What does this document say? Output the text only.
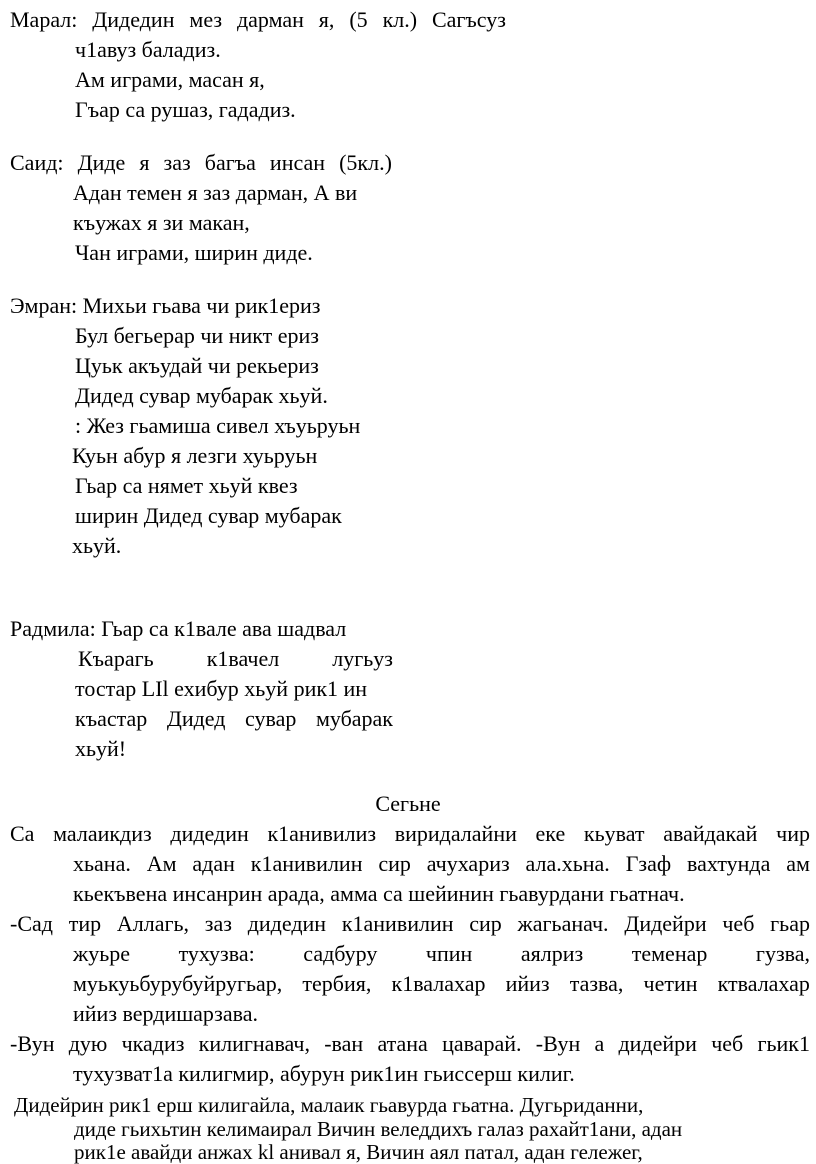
Марал: Дидедин мез дарман я, (5 кл.) Сагъсуз
ч1авуз баладиз.
Ам играми, масан я,
Гъар са рушаз, гададиз.
Саид: Диде я заз багъа инсан (5кл.)
Адан темен я заз дарман, А ви
къужах я зи макан,
Чан играми, ширин диде.
Эмран: Михьи гьава чи рик1ериз
Бул бегьерар чи никт ериз
Цуьк акъудай чи рекьериз
Дидед сувар мубарак хьуй.
: Жез гьамиша сивел хъуьруьн
Куьн абур я лезги хуьруьн
Гьар са нямет хьуй квез
ширин Дидед сувар мубарак
хьуй.
Радмила: Гьар са к1вале ава шадвал
Къарагь к1вачел лугьуз
тостар LIl ехибур хьуй рик1 ин
къастар Дидед сувар мубарак
хьуй!
Сегьне
Са малаикдиз дидедин к1анивилиз виридалайни еке кьуват авайдакай чир
хьана. Ам адан к1анивилин сир ачухариз ала.хьна. Гзаф вахтунда ам
кьекъвена инсанрин арада, амма са шейинин гьавурдани гьатнач.
-Сад тир Аллагь, заз дидедин к1анивилин сир жагьанач. Дидейри чеб гьар
жуьре тухузва: садбуру чпин аялриз теменар гузва,
муькуьбурубуйругьар, тербия, к1валахар ийиз тазва, четин ктвалахар
ийиз вердишарзава.
-Вун дую чкадиз килигнавач, -ван атана цаварай. -Вун а дидейри чеб гьик1
тухузват1а килигмир, абурун рик1ин гьиссерш килиг.
Дидейрин рик1 ерш килигайла, малаик гьавурда гьатна. Дугьриданни,
диде гьихьтин келимаирал Вичин веледдихъ галаз рахайт1ани, адан
рик1е авайди анжах kl анивал я, Вичин аял патал, адан гележег,
